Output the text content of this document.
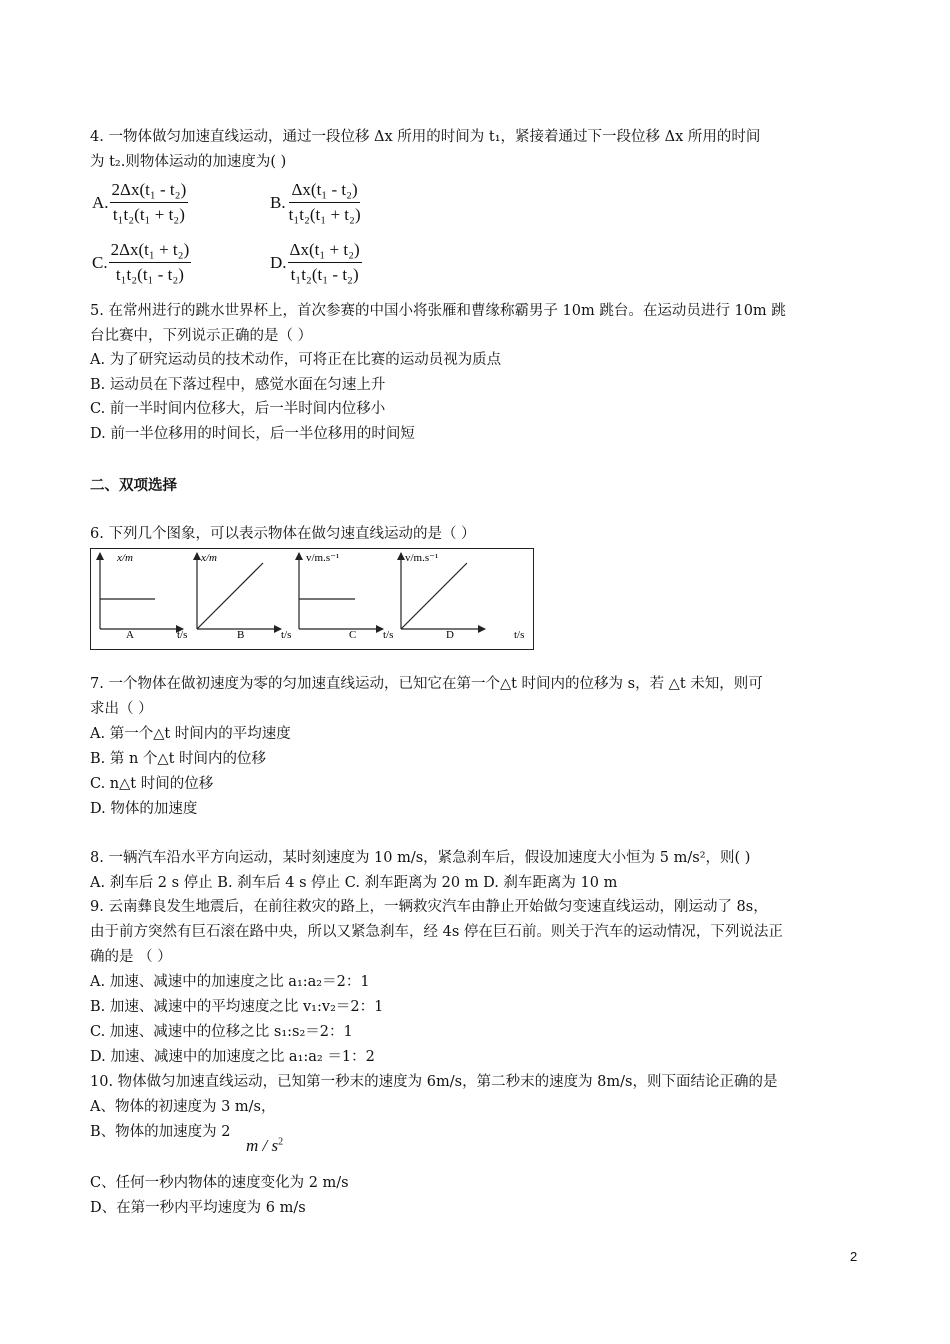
4. 一物体做匀加速直线运动，通过一段位移 Δx 所用的时间为 t₁，紧接着通过下一段位移 Δx 所用的时间
为 t₂.则物体运动的加速度为( )
A. $\frac{\text{2Δx(t₁ - t₂)}}{\text{t₁t₂(t₁ + t₂)}}$	B. $\frac{\text{Δx(t₁ - t₂)}}{\text{t₁t₂(t₁ + t₂)}}$
C. $\frac{\text{2Δx(t₁ + t₂)}}{\text{t₁t₂(t₁ - t₂)}}$	D. $\frac{\text{Δx(t₁ + t₂)}}{\text{t₁t₂(t₁ - t₂)}}$
5. 在常州进行的跳水世界杯上，首次参赛的中国小将张雁和曹缘称霸男子 10m 跳台。在运动员进行 10m 跳
台比赛中，下列说示正确的是（ ）
A. 为了研究运动员的技术动作，可将正在比赛的运动员视为质点
B. 运动员在下落过程中，感觉水面在匀速上升
C. 前一半时间内位移大，后一半时间内位移小
D. 前一半位移用的时间长，后一半位移用的时间短
二、双项选择
6. 下列几个图象，可以表示物体在做匀速直线运动的是（ ）
x/m
A	t/s
x/m
B	t/s
v/m.s⁻¹
C t/s
v/m.s⁻¹
D	t/s
7. 一个物体在做初速度为零的匀加速直线运动，已知它在第一个△t 时间内的位移为 s，若 △t 未知，则可
求出（ ）
A. 第一个△t 时间内的平均速度
B. 第 n 个△t 时间内的位移
C. n△t 时间的位移
D. 物体的加速度
8. 一辆汽车沿水平方向运动，某时刻速度为 10 m/s，紧急刹车后，假设加速度大小恒为 5 m/s²，则( )
A. 刹车后 2 s 停止 B. 刹车后 4 s 停止 C. 刹车距离为 20 m D. 刹车距离为 10 m
9. 云南彝良发生地震后，在前往救灾的路上，一辆救灾汽车由静止开始做匀变速直线运动，刚运动了 8s，
由于前方突然有巨石滚在路中央，所以又紧急刹车，经 4s 停在巨石前。则关于汽车的运动情况，下列说法正
确的是 （ ）
A. 加速、减速中的加速度之比 a₁:a₂＝2：1
B. 加速、减速中的平均速度之比 v₁:v₂＝2：1
C. 加速、减速中的位移之比 s₁:s₂＝2：1
D. 加速、减速中的加速度之比 a₁:a₂ ＝1：2
10. 物体做匀加速直线运动，已知第一秒末的速度为 6m/s，第二秒末的速度为 8m/s，则下面结论正确的是
A、物体的初速度为 3 m/s，
B、物体的加速度为 2
m / $s^2$
C、任何一秒内物体的速度变化为 2 m/s
D、在第一秒内平均速度为 6 m/s
2
